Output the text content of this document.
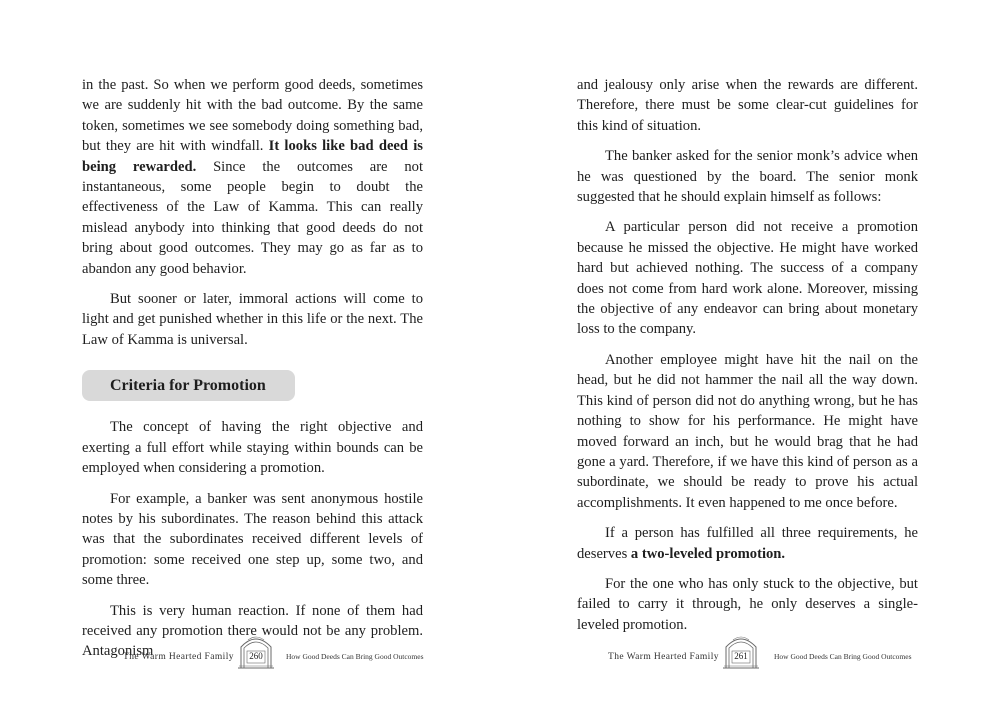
in the past. So when we perform good deeds, sometimes we are suddenly hit with the bad outcome. By the same token, sometimes we see somebody doing something bad, but they are hit with windfall. It looks like bad deed is being rewarded. Since the outcomes are not instantaneous, some people begin to doubt the effectiveness of the Law of Kamma. This can really mislead anybody into thinking that good deeds do not bring about good outcomes. They may go as far as to abandon any good behavior.

But sooner or later, immoral actions will come to light and get punished whether in this life or the next. The Law of Kamma is universal.

Criteria for Promotion

The concept of having the right objective and exerting a full effort while staying within bounds can be employed when considering a promotion.

For example, a banker was sent anonymous hostile notes by his subordinates. The reason behind this attack was that the subordinates received different levels of promotion: some received one step up, some two, and some three.

This is very human reaction. If none of them had received any promotion there would not be any problem. Antagonism

The Warm Hearted Family	260	How Good Deeds Can Bring Good Outcomes

and jealousy only arise when the rewards are different. Therefore, there must be some clear-cut guidelines for this kind of situation.

The banker asked for the senior monk’s advice when he was questioned by the board. The senior monk suggested that he should explain himself as follows:

A particular person did not receive a promotion because he missed the objective. He might have worked hard but achieved nothing. The success of a company does not come from hard work alone. Moreover, missing the objective of any endeavor can bring about monetary loss to the company.

Another employee might have hit the nail on the head, but he did not hammer the nail all the way down. This kind of person did not do anything wrong, but he has nothing to show for his performance. He might have moved forward an inch, but he would brag that he had gone a yard. Therefore, if we have this kind of person as a subordinate, we should be ready to prove his actual accomplishments. It even happened to me once before.

If a person has fulfilled all three requirements, he deserves a two-leveled promotion.

For the one who has only stuck to the objective, but failed to carry it through, he only deserves a single-leveled promotion.

The Warm Hearted Family	261	How Good Deeds Can Bring Good Outcomes
